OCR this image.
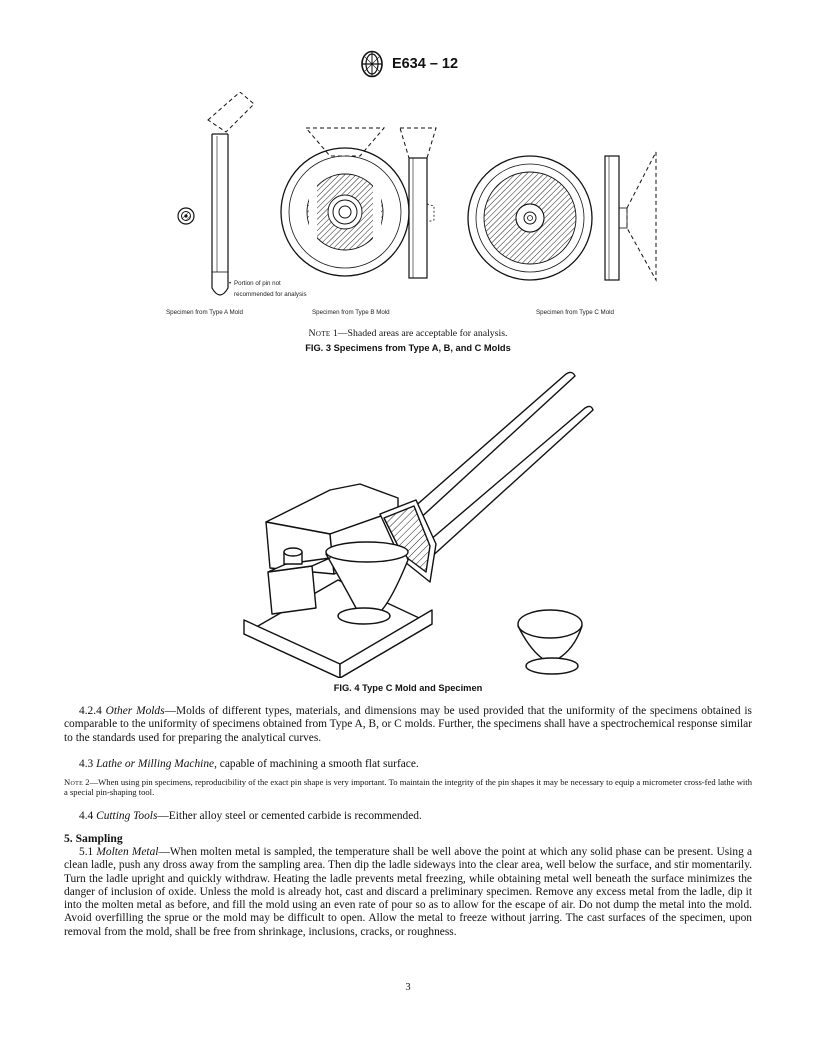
E634 – 12
Portion of pin not
recommended for analysis
•
Specimen from Type A Mold	Specimen from Type B Mold	Specimen from Type C Mold
Note 1—Shaded areas are acceptable for analysis.
FIG. 3 Specimens from Type A, B, and C Molds
FIG. 4 Type C Mold and Specimen

4.2.4 Other Molds—Molds of different types, materials, and dimensions may be used provided that the uniformity of the specimens obtained is comparable to the uniformity of specimens obtained from Type A, B, or C molds. Further, the specimens shall have a spectrochemical response similar to the standards used for preparing the analytical curves.

4.3 Lathe or Milling Machine, capable of machining a smooth flat surface.

Note 2—When using pin specimens, reproducibility of the exact pin shape is very important. To maintain the integrity of the pin shapes it may be necessary to equip a micrometer cross-fed lathe with a special pin-shaping tool.

4.4 Cutting Tools—Either alloy steel or cemented carbide is recommended.

5. Sampling

5.1 Molten Metal—When molten metal is sampled, the temperature shall be well above the point at which any solid phase can be present. Using a clean ladle, push any dross away from the sampling area. Then dip the ladle sideways into the clear area, well below the surface, and stir momentarily. Turn the ladle upright and quickly withdraw. Heating the ladle prevents metal freezing, while obtaining metal well beneath the surface minimizes the danger of inclusion of oxide. Unless the mold is already hot, cast and discard a preliminary specimen. Remove any excess metal from the ladle, dip it into the molten metal as before, and fill the mold using an even rate of pour so as to allow for the escape of air. Do not dump the metal into the mold. Avoid overfilling the sprue or the mold may be difficult to open. Allow the metal to freeze without jarring. The cast surfaces of the specimen, upon removal from the mold, shall be free from shrinkage, inclusions, cracks, or roughness.

3
